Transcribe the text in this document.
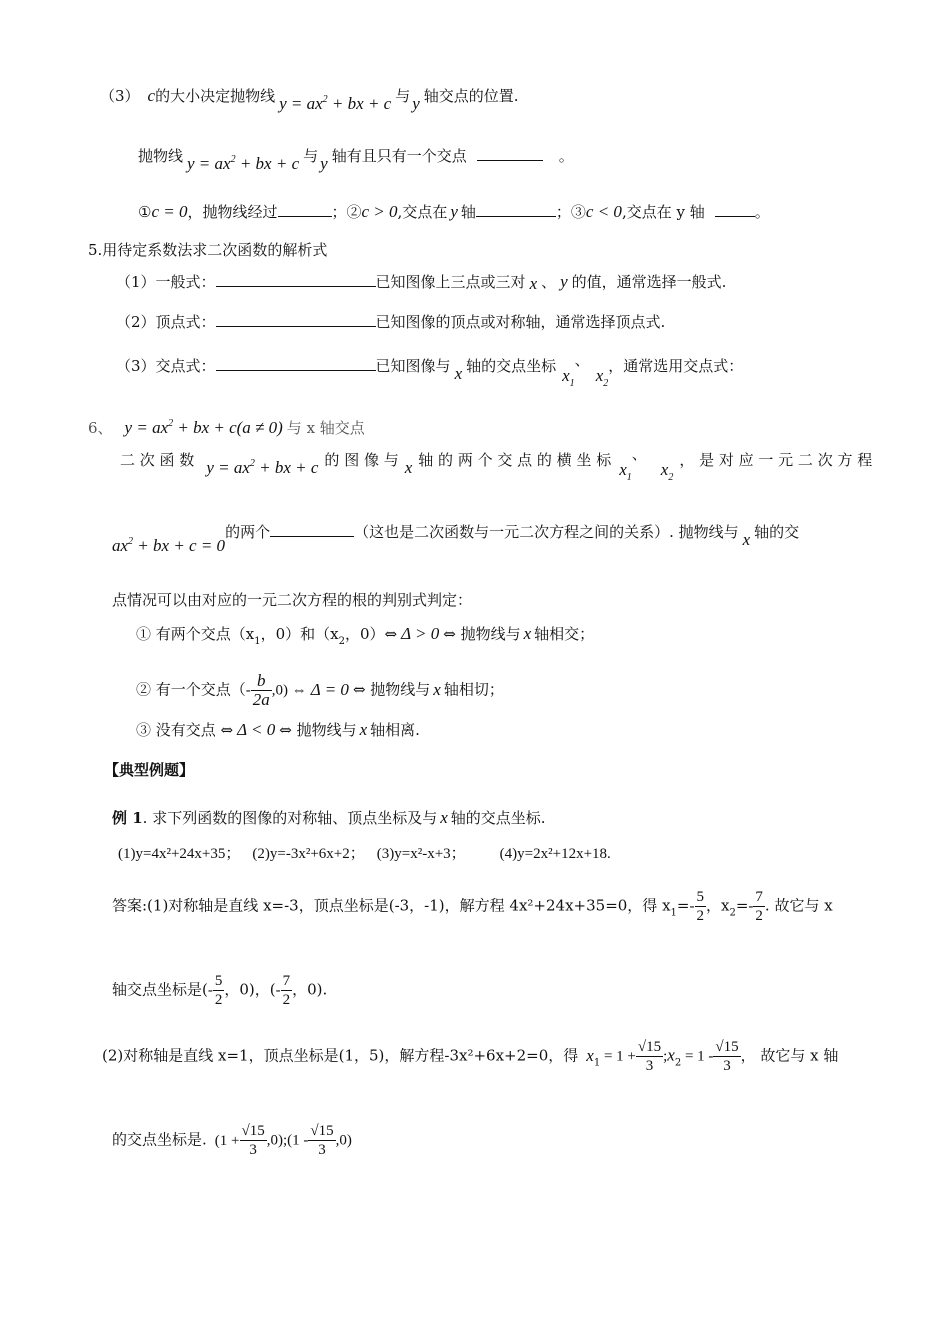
（3） c的大小决定抛物线 $y = ax^2$ + bx + c 与 y 轴交点的位置.
抛物线 $y = ax^2$ + bx + c 与 y 轴有且只有一个交点	。
①c = 0，抛物线经过	；②c > 0,交点在 y 轴	；③c < 0,交点在 y 轴	。
5.用待定系数法求二次函数的解析式
（1）一般式：	已知图像上三点或三对 x 、 y 的值，通常选择一般式.
（2）顶点式：	已知图像的顶点或对称轴，通常选择顶点式.
（3）交点式：	已知图像与 x 轴的交点坐标 $x_1$、$x_2$，通常选用交点式：
6、 $y = ax^2$ + bx + c(a ≠ 0) 与 x 轴交点
二 次 函 数 $y = ax^2$ + bx + c 的 图 像 与 x 轴 的 两 个 交 点 的 横 坐 标 $x_1$、$x_2$， 是 对 应 一 元 二 次 方 程
$ax^2$ + bx + c = 0的两个	（这也是二次函数与一元二次方程之间的关系）. 抛物线与 x 轴的交
点情况可以由对应的一元二次方程的根的判别式判定：
① 有两个交点（$x_1$，0）和（$x_2$，0）⇔ Δ > 0 ⇔ 抛物线与 x 轴相交；
② 有一个交点（- $\frac{b}{2a} ,0$) ⇔ Δ = 0 ⇔ 抛物线与 x 轴相切；
③ 没有交点 ⇔ Δ < 0 ⇔ 抛物线与 x 轴相离.
【典型例题】
例 1. 求下列函数的图像的对称轴、顶点坐标及与 x 轴的交点坐标.
(1)y=4x²+24x+35； (2)y=-3x²+6x+2； (3)y=x²-x+3； (4)y=2x²+12x+18.
答案:(1)对称轴是直线 x=-3，顶点坐标是(-3，-1)，解方程 4x²+24x+35=0，得 $x_1=- \frac{5}{2}$ ，$x_2=- \frac{7}{2}$ . 故它与 x
轴交点坐标是(- $\frac{5}{2}$ ，0)，(- $\frac{7}{2}$ ，0).
(2)对称轴是直线 x=1，顶点坐标是(1，5)，解方程-3x²+6x+2=0，得 $x_1 = 1 + \frac{√15}{3}$ $;x_2 = 1 - \frac{√15}{3}$ ， 故它与 x 轴
的交点坐标是. ($1 + \frac{√15}{3}$ ,0);(1 - $\frac{√15}{3} ,0$)
